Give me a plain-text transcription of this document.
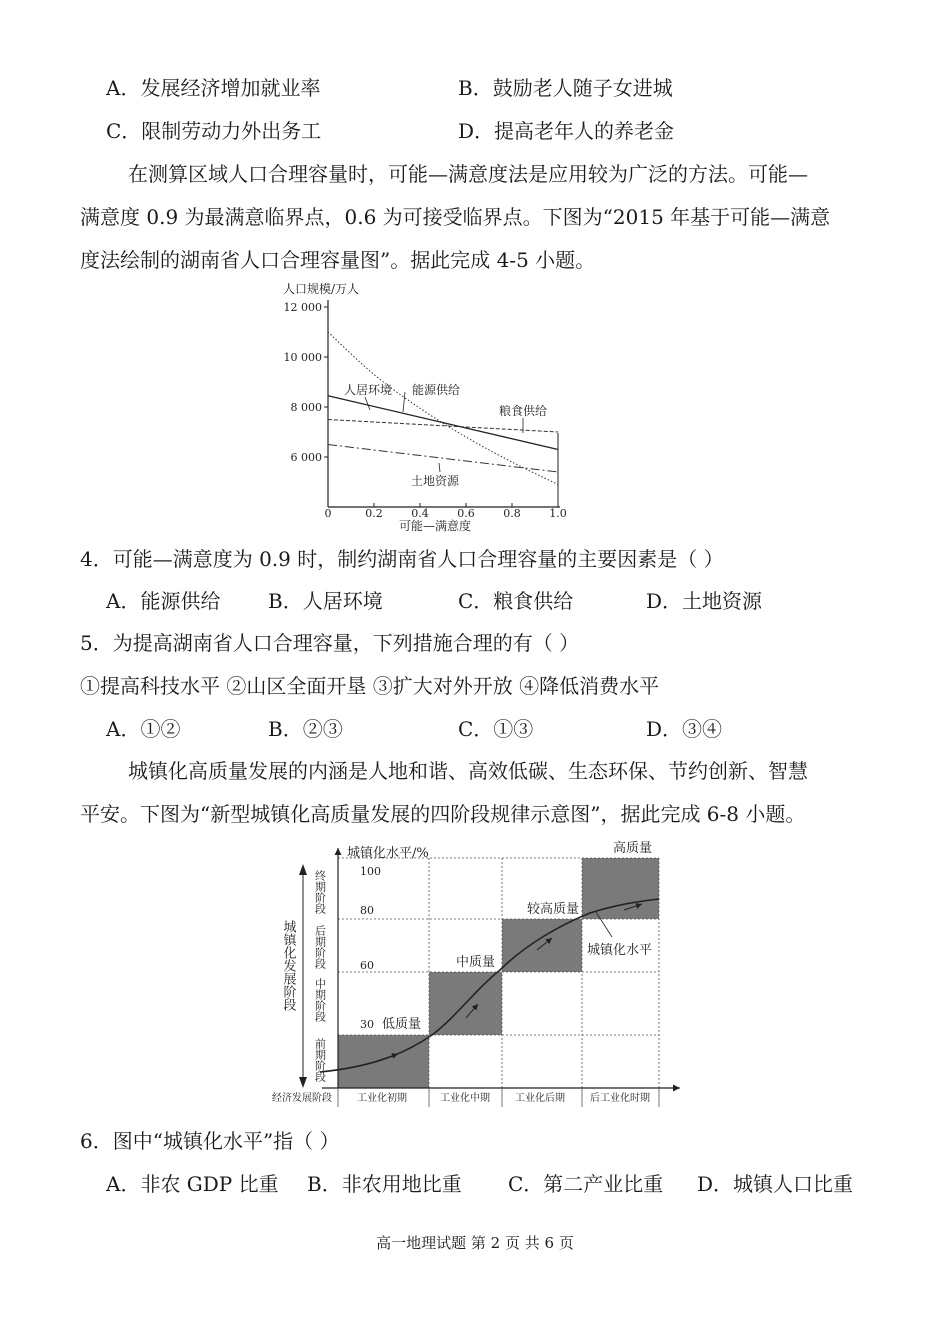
A．发展经济增加就业率	B．鼓励老人随子女进城
C．限制劳动力外出务工	D．提高老年人的养老金
在测算区域人口合理容量时，可能—满意度法是应用较为广泛的方法。可能—
满意度 0.9 为最满意临界点，0.6 为可接受临界点。下图为“2015 年基于可能—满意
度法绘制的湖南省人口合理容量图”。据此完成 4-5 小题。
人口规模/万人
12 000
10 000
8 000
6 000
0	0.2	0.4	0.6	0.8	1.0
可能—满意度
人居环境 能源供给
粮食供给
土地资源
4．可能—满意度为 0.9 时，制约湖南省人口合理容量的主要因素是（ ）
A．能源供给 B．人居环境	C．粮食供给	D．土地资源
5．为提高湖南省人口合理容量，下列措施合理的有（ ）
①提高科技水平 ②山区全面开垦 ③扩大对外开放 ④降低消费水平
A．①②	B．②③	C．①③	D．③④
城镇化高质量发展的内涵是人地和谐、高效低碳、生态环保、节约创新、智慧
平安。下图为“新型城镇化高质量发展的四阶段规律示意图”，据此完成 6-8 小题。
城镇化水平/%	高质量
较高质量
中质量
低质量
城镇化水平
100
80
60
30
终期阶段
后期阶段
中期阶段
前期阶段
城镇化发展阶段
经济发展阶段	工业化初期	工业化中期	工业化后期	后工业化时期
6．图中“城镇化水平”指（ ）
A．非农 GDP 比重 B．非农用地比重 C．第二产业比重 D．城镇人口比重
高一地理试题 第 2 页 共 6 页
